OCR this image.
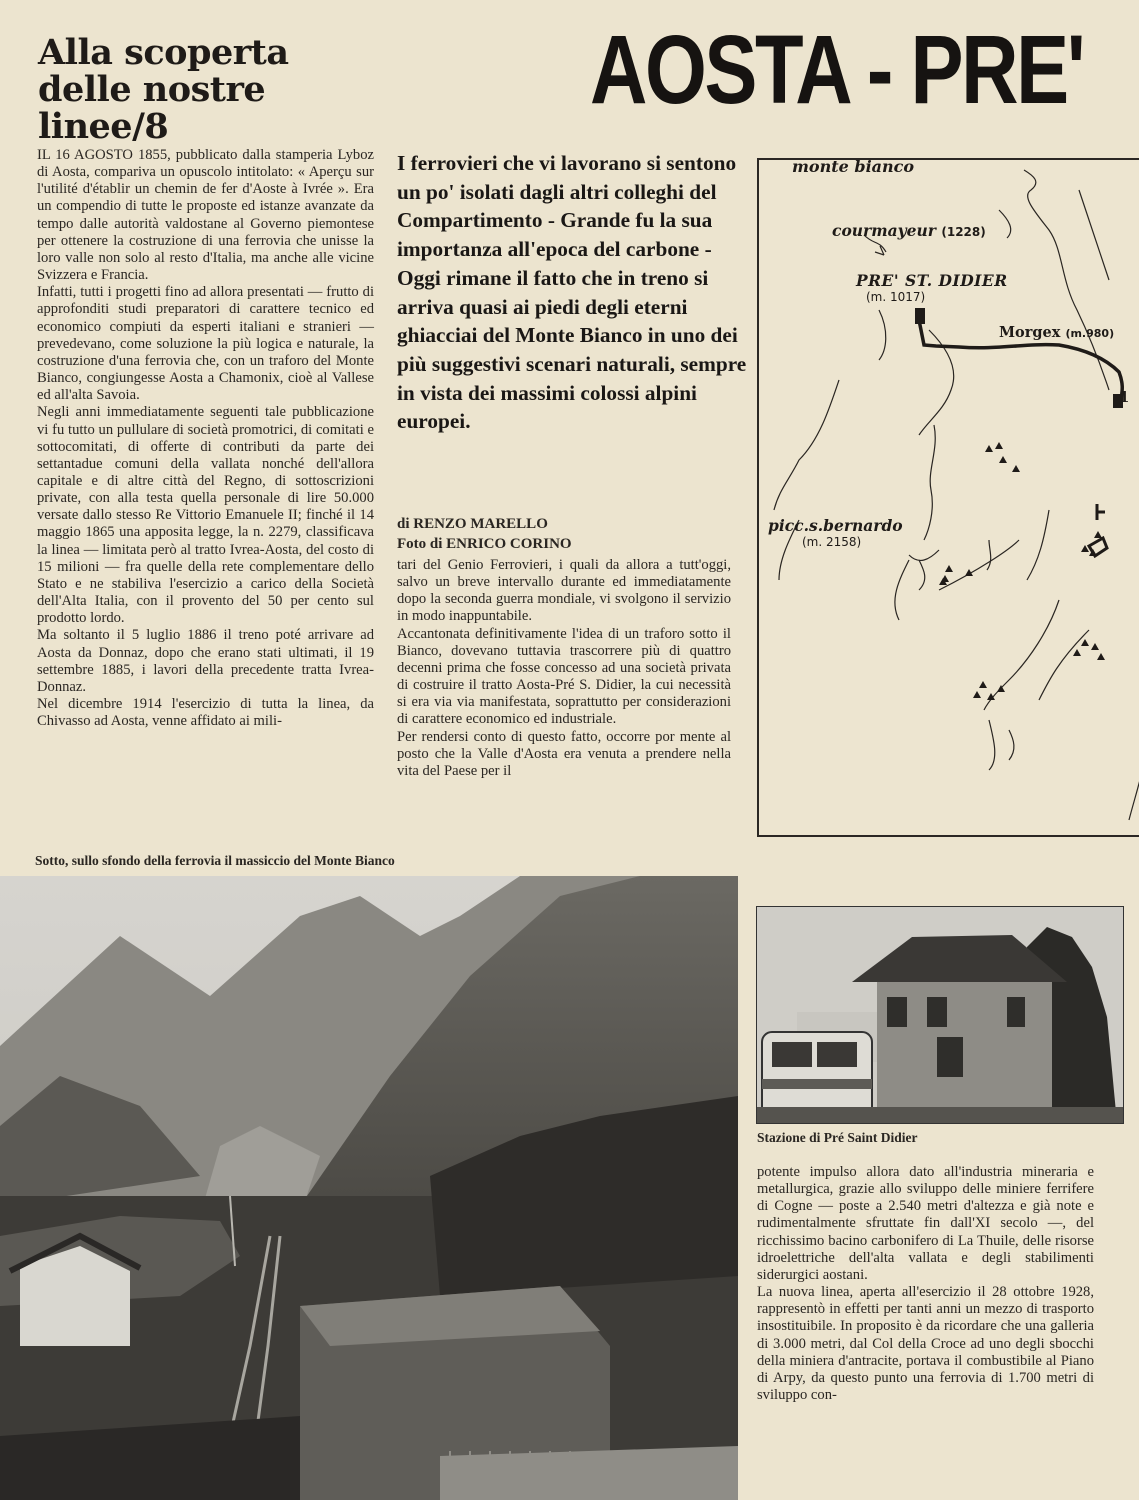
Alla scoperta
delle nostre linee/8
AOSTA - PRE'

IL 16 AGOSTO 1855, pubblicato dalla stamperia Lyboz di Aosta, compariva un opuscolo intitolato: « Aperçu sur l'utilité d'établir un chemin de fer d'Aoste à Ivrée ». Era un compendio di tutte le proposte ed istanze avanzate da tempo dalle autorità valdostane al Governo piemontese per ottenere la costruzione di una ferrovia che unisse la loro valle non solo al resto d'Italia, ma anche alle vicine Svizzera e Francia.

Infatti, tutti i progetti fino ad allora presentati — frutto di approfonditi studi preparatori di carattere tecnico ed economico compiuti da esperti italiani e stranieri — prevedevano, come soluzione la più logica e naturale, la costruzione d'una ferrovia che, con un traforo del Monte Bianco, congiungesse Aosta a Chamonix, cioè al Vallese ed all'alta Savoia.

Negli anni immediatamente seguenti tale pubblicazione vi fu tutto un pullulare di società promotrici, di comitati e sottocomitati, di offerte di contributi da parte dei settantadue comuni della vallata nonché dell'allora capitale e di altre città del Regno, di sottoscrizioni private, con alla testa quella personale di lire 50.000 versate dallo stesso Re Vittorio Emanuele II; finché il 14 maggio 1865 una apposita legge, la n. 2279, classificava la linea — limitata però al tratto Ivrea-Aosta, del costo di 15 milioni — fra quelle della rete complementare dello Stato e ne stabiliva l'esercizio a carico della Società dell'Alta Italia, con il provento del 50 per cento sul prodotto lordo.

Ma soltanto il 5 luglio 1886 il treno poté arrivare ad Aosta da Donnaz, dopo che erano stati ultimati, il 19 settembre 1885, i lavori della precedente tratta Ivrea-Donnaz.

Nel dicembre 1914 l'esercizio di tutta la linea, da Chivasso ad Aosta, venne affidato ai mili-

I ferrovieri che vi lavorano si sentono un po' isolati dagli altri colleghi del Compartimento - Grande fu la sua importanza all'epoca del carbone - Oggi rimane il fatto che in treno si arriva quasi ai piedi degli eterni ghiacciai del Monte Bianco in uno dei più suggestivi scenari naturali, sempre in vista dei massimi colossi alpini europei.
di RENZO MARELLO
Foto di ENRICO CORINO

tari del Genio Ferrovieri, i quali da allora a tutt'oggi, salvo un breve intervallo durante ed immediatamente dopo la seconda guerra mondiale, vi svolgono il servizio in modo inappuntabile.

Accantonata definitivamente l'idea di un traforo sotto il Bianco, dovevano tuttavia trascorrere più di quattro decenni prima che fosse concesso ad una società privata di costruire il tratto Aosta-Pré S. Didier, la cui necessità si era via via manifestata, soprattutto per considerazioni di carattere economico ed industriale.

Per rendersi conto di questo fatto, occorre por mente al posto che la Valle d'Aosta era venuta a prendere nella vita del Paese per il

monte bianco
courmayeur (1228)
PRE' ST. DIDIER
(m. 1017)
Morgex (m.980)
1
picc.s.bernardo
(m. 2158)
Sotto, sullo sfondo della ferrovia il massiccio del Monte Bianco
Stazione di Pré Saint Didier

potente impulso allora dato all'industria mineraria e metallurgica, grazie allo sviluppo delle miniere ferrifere di Cogne — poste a 2.540 metri d'altezza e già note e rudimentalmente sfruttate fin dall'XI secolo —, del ricchissimo bacino carbonifero di La Thuile, delle risorse idroelettriche dell'alta vallata e degli stabilimenti siderurgici aostani.

La nuova linea, aperta all'esercizio il 28 ottobre 1928, rappresentò in effetti per tanti anni un mezzo di trasporto insostituibile. In proposito è da ricordare che una galleria di 3.000 metri, dal Col della Croce ad uno degli sbocchi della miniera d'antracite, portava il combustibile al Piano di Arpy, da questo punto una ferrovia di 1.700 metri di sviluppo con-
